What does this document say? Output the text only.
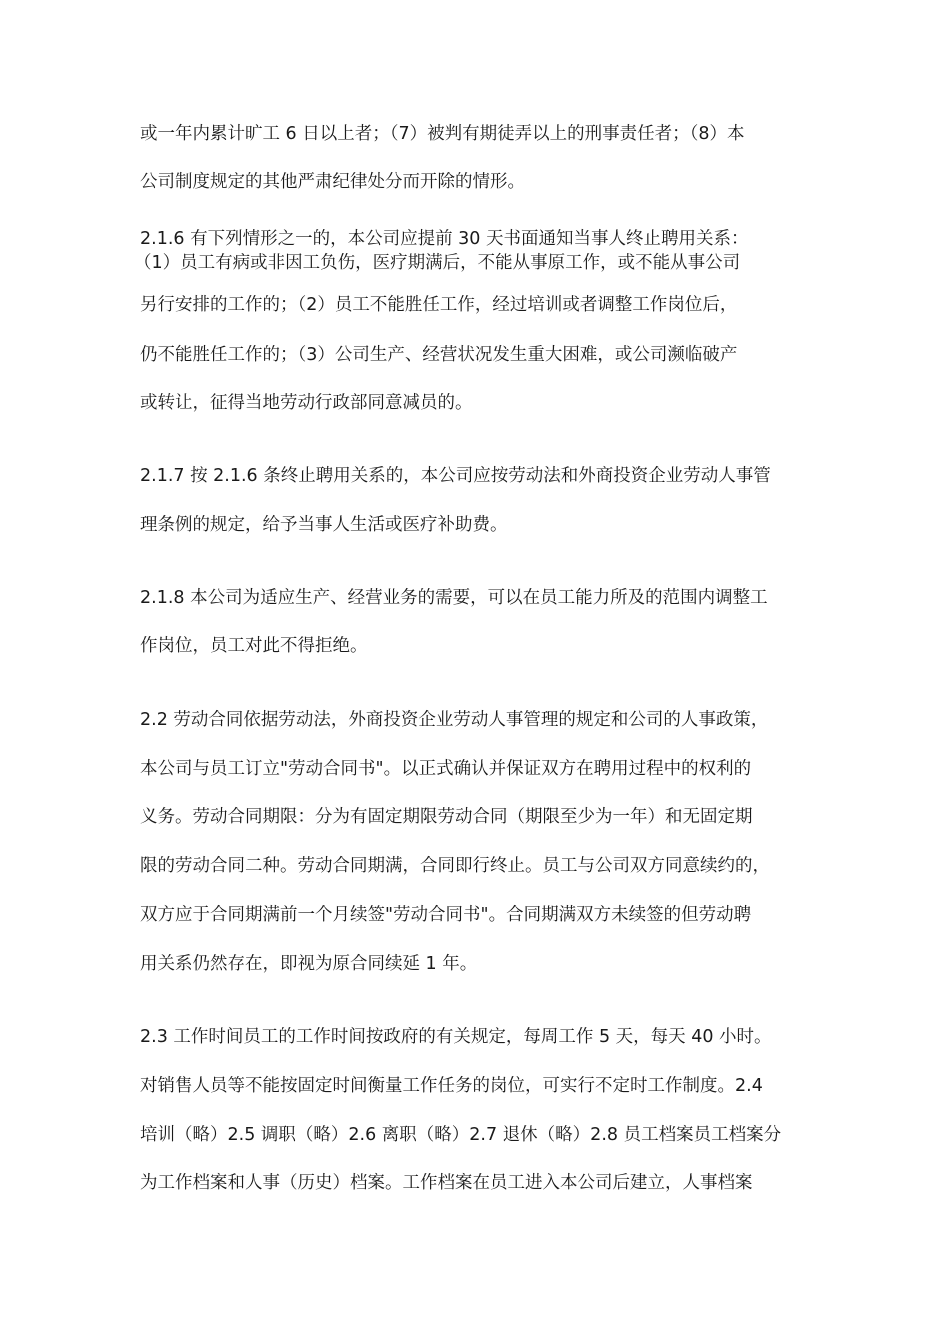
或一年内累计旷工 6 日以上者；（7）被判有期徒弄以上的刑事责任者；（8）本
公司制度规定的其他严肃纪律处分而开除的情形。
2.1.6 有下列情形之一的，本公司应提前 30 天书面通知当事人终止聘用关系：
（1）员工有病或非因工负伤，医疗期满后，不能从事原工作，或不能从事公司
另行安排的工作的；（2）员工不能胜任工作，经过培训或者调整工作岗位后，
仍不能胜任工作的；（3）公司生产、经营状况发生重大困难，或公司濒临破产
或转让，征得当地劳动行政部同意减员的。
2.1.7 按 2.1.6 条终止聘用关系的，本公司应按劳动法和外商投资企业劳动人事管
理条例的规定，给予当事人生活或医疗补助费。
2.1.8 本公司为适应生产、经营业务的需要，可以在员工能力所及的范围内调整工
作岗位，员工对此不得拒绝。
2.2 劳动合同依据劳动法，外商投资企业劳动人事管理的规定和公司的人事政策，
本公司与员工订立"劳动合同书"。以正式确认并保证双方在聘用过程中的权利的
义务。劳动合同期限：分为有固定期限劳动合同（期限至少为一年）和无固定期
限的劳动合同二种。劳动合同期满，合同即行终止。员工与公司双方同意续约的，
双方应于合同期满前一个月续签"劳动合同书"。合同期满双方未续签的但劳动聘
用关系仍然存在，即视为原合同续延 1 年。
2.3 工作时间员工的工作时间按政府的有关规定，每周工作 5 天，每天 40 小时。
对销售人员等不能按固定时间衡量工作任务的岗位，可实行不定时工作制度。2.4
培训（略）2.5 调职（略）2.6 离职（略）2.7 退休（略）2.8 员工档案员工档案分
为工作档案和人事（历史）档案。工作档案在员工进入本公司后建立，人事档案
